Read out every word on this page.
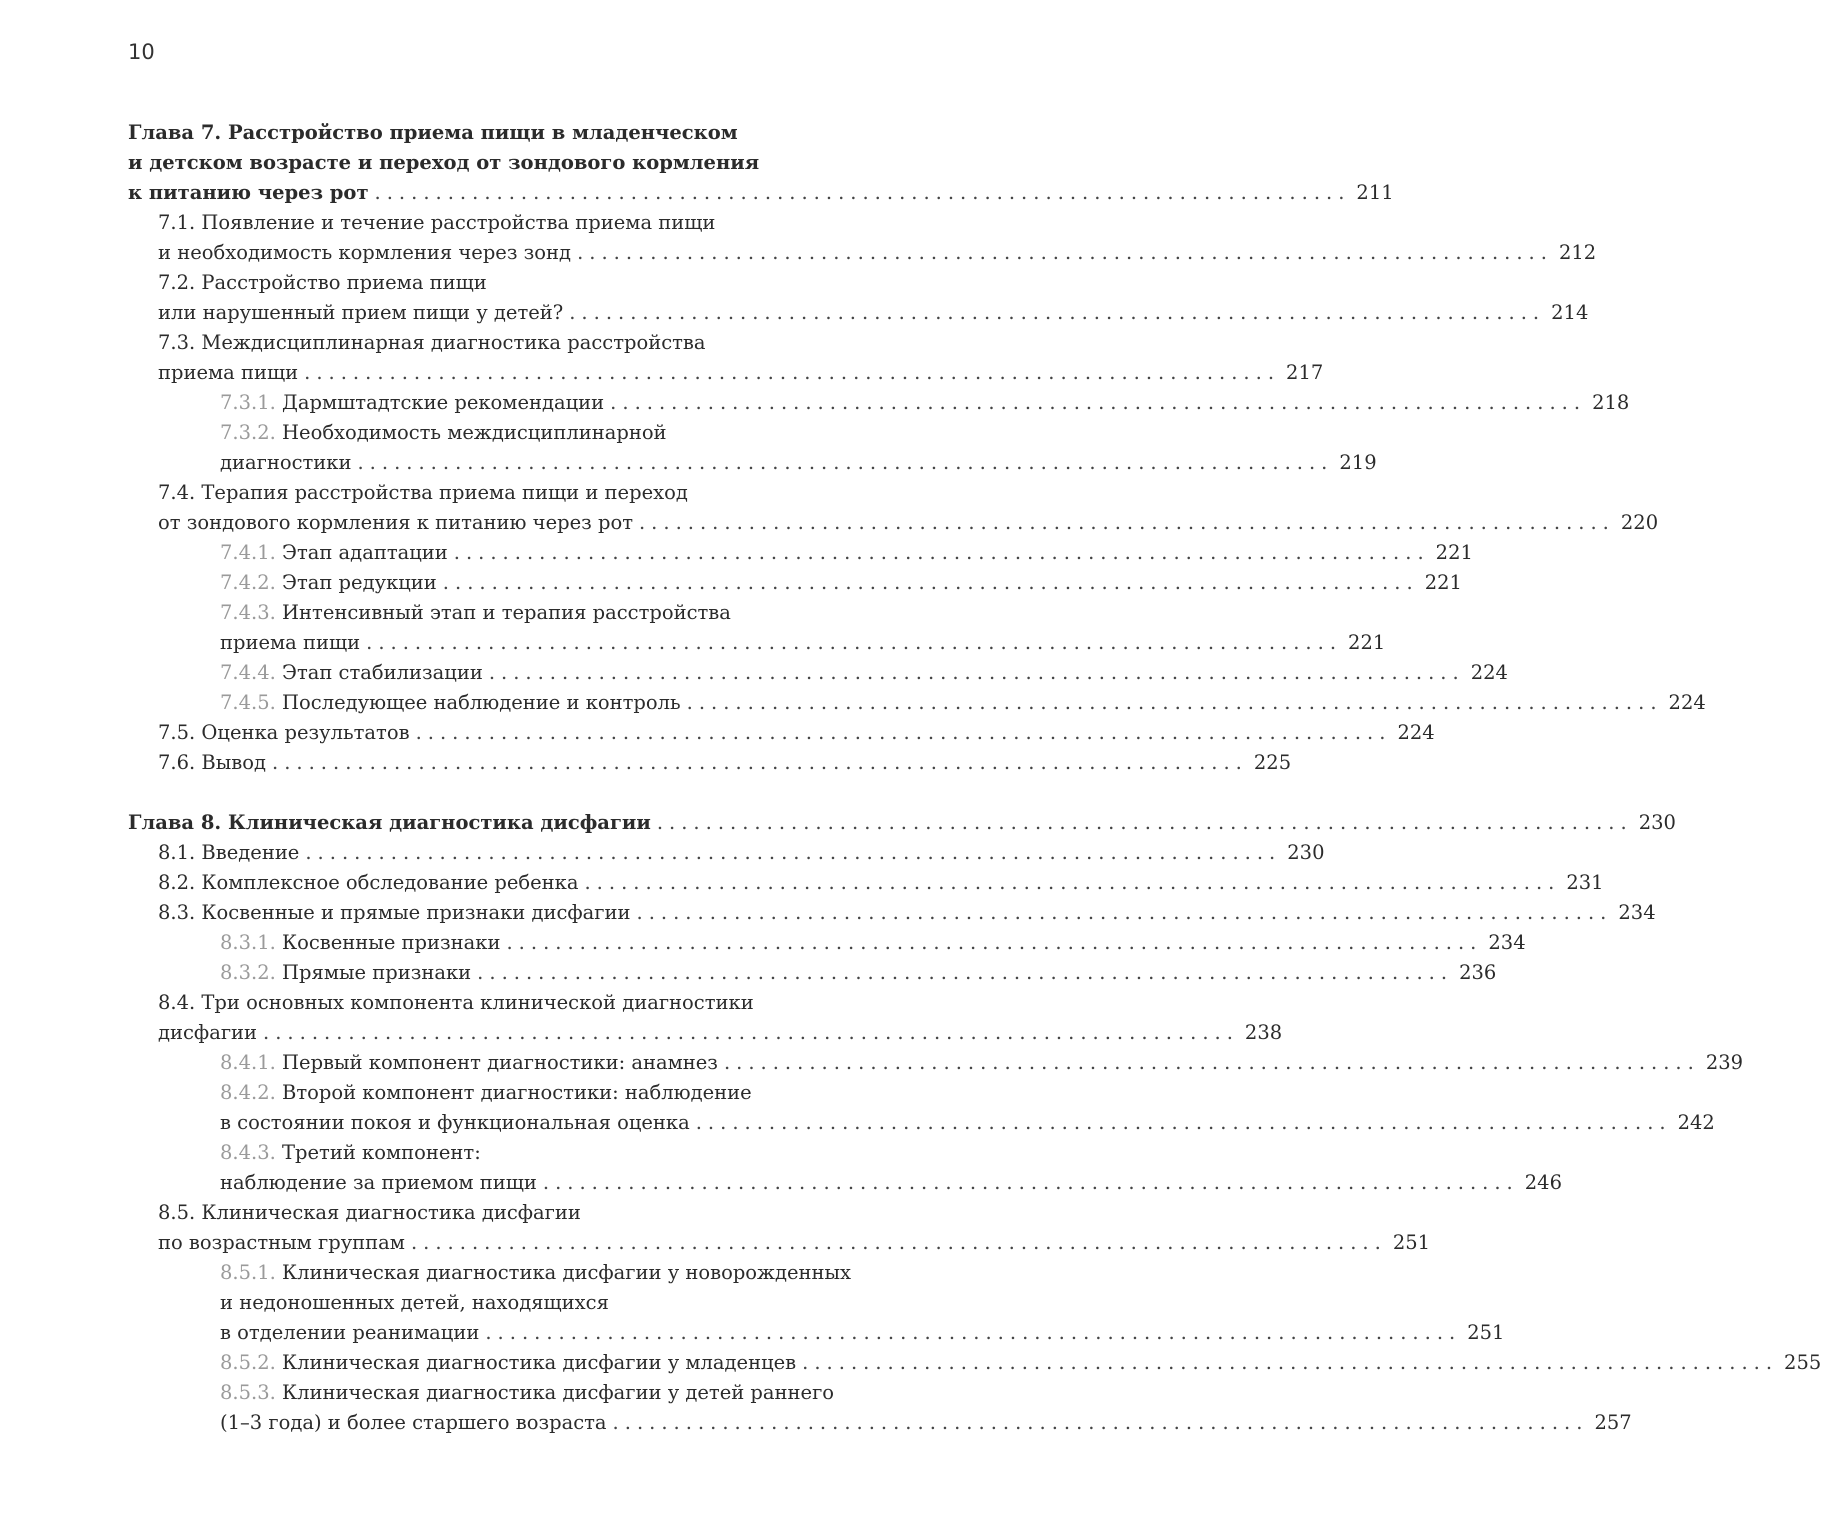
10
Глава 7.
Расстройство приема пищи в младенческом
и детском возрасте и переход от зондового кормления
к питанию через рот ................................................................................ 211
7.1.
Появление и течение расстройства приема пищи
и необходимость кормления через зонд ................................................................................ 212
7.2.
Расстройство приема пищи
или нарушенный прием пищи у детей? ................................................................................ 214
7.3.
Междисциплинарная диагностика расстройства
приема пищи ................................................................................ 217
7.3.1.
Дармштадтские рекомендации ................................................................................ 218
7.3.2.
Необходимость междисциплинарной
диагностики ................................................................................ 219
7.4.
Терапия расстройства приема пищи и переход
от зондового кормления к питанию через рот ................................................................................ 220
7.4.1.
Этап адаптации ................................................................................ 221
7.4.2.
Этап редукции ................................................................................ 221
7.4.3.
Интенсивный этап и терапия расстройства
приема пищи ................................................................................ 221
7.4.4.
Этап стабилизации ................................................................................ 224
7.4.5.
Последующее наблюдение и контроль ................................................................................ 224
7.5.
Оценка результатов ................................................................................ 224
7.6.
Вывод ................................................................................ 225
Глава 8.
Клиническая диагностика дисфагии ................................................................................ 230
8.1.
Введение ................................................................................ 230
8.2.
Комплексное обследование ребенка ................................................................................ 231
8.3.
Косвенные и прямые признаки дисфагии ................................................................................ 234
8.3.1.
Косвенные признаки ................................................................................ 234
8.3.2.
Прямые признаки ................................................................................ 236
8.4.
Три основных компонента клинической диагностики
дисфагии ................................................................................ 238
8.4.1.
Первый компонент диагностики: анамнез ................................................................................ 239
8.4.2.
Второй компонент диагностики: наблюдение
в состоянии покоя и функциональная оценка ................................................................................ 242
8.4.3.
Третий компонент:
наблюдение за приемом пищи ................................................................................ 246
8.5.
Клиническая диагностика дисфагии
по возрастным группам ................................................................................ 251
8.5.1.
Клиническая диагностика дисфагии у новорожденных
и недоношенных детей, находящихся
в отделении реанимации ................................................................................ 251
8.5.2.
Клиническая диагностика дисфагии у младенцев ................................................................................ 255
8.5.3.
Клиническая диагностика дисфагии у детей раннего
(1–3 года) и более старшего возраста ................................................................................ 257
